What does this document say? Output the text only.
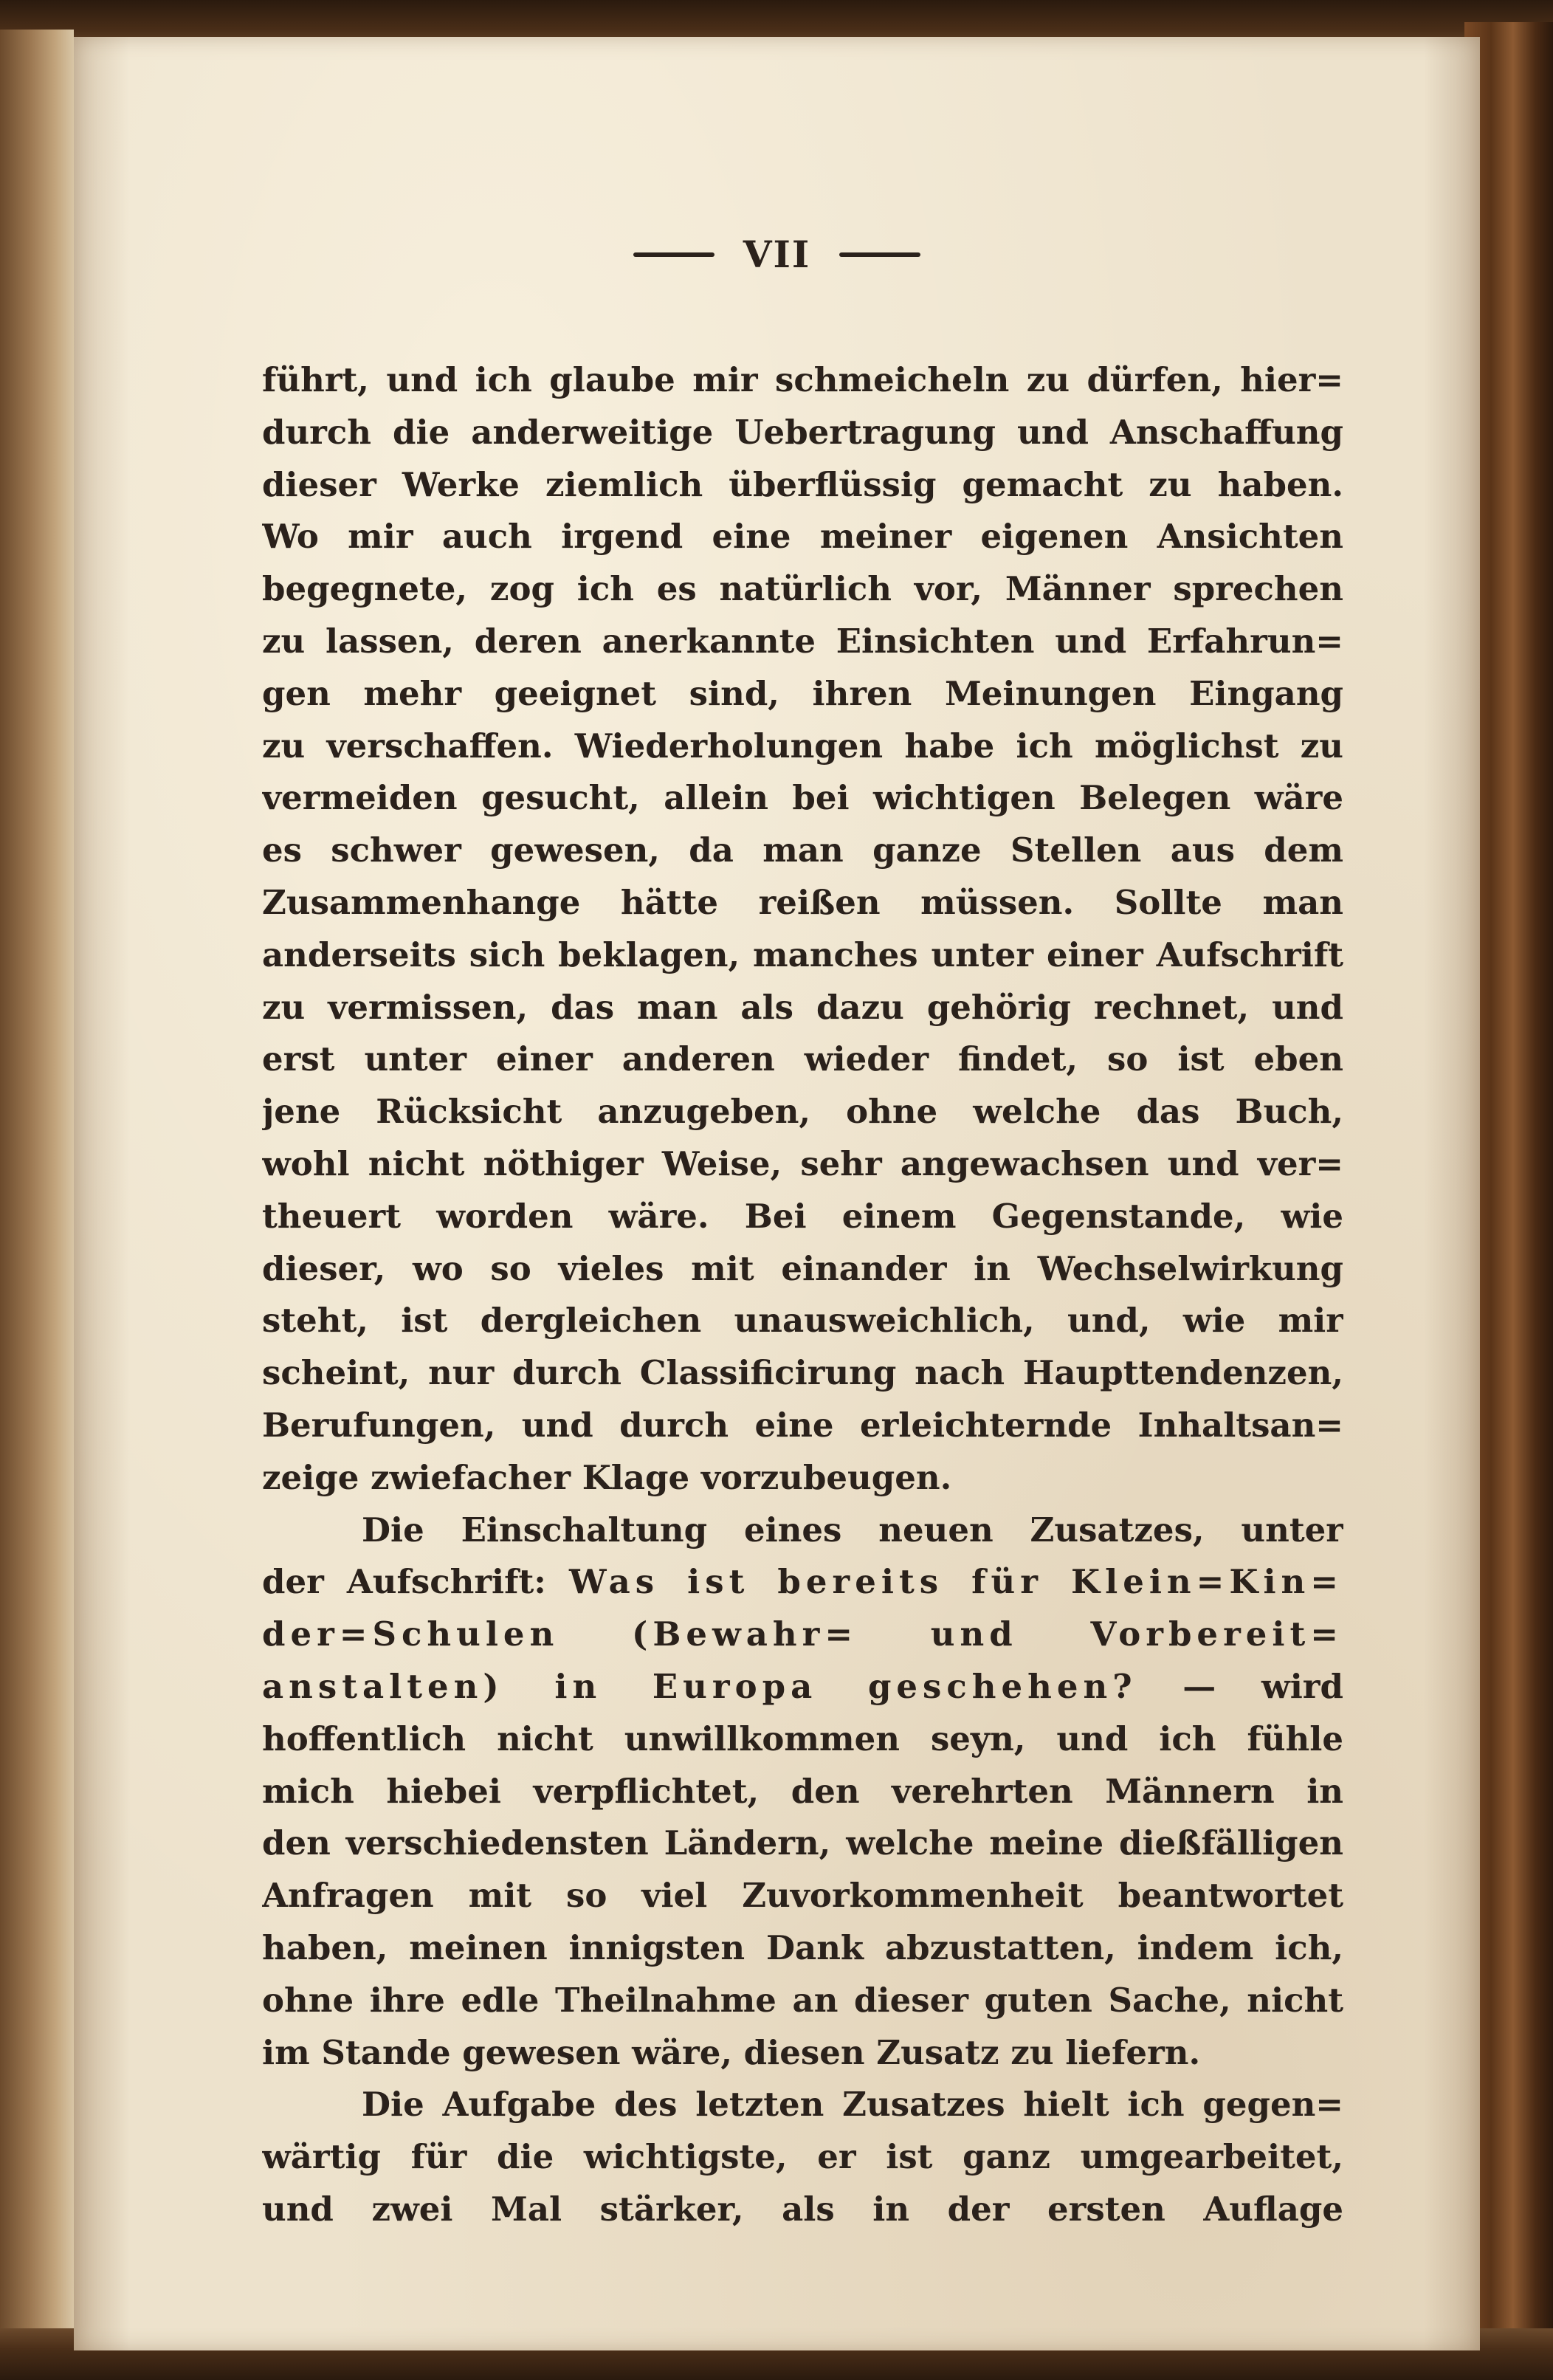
VII
führt, und ich glaube mir schmeicheln zu dürfen, hier=
durch die anderweitige Uebertragung und Anschaffung
dieser Werke ziemlich überflüssig gemacht zu haben.
Wo mir auch irgend eine meiner eigenen Ansichten
begegnete, zog ich es natürlich vor, Männer sprechen
zu lassen, deren anerkannte Einsichten und Erfahrun=
gen mehr geeignet sind, ihren Meinungen Eingang
zu verschaffen. Wiederholungen habe ich möglichst zu
vermeiden gesucht, allein bei wichtigen Belegen wäre
es schwer gewesen, da man ganze Stellen aus dem
Zusammenhange hätte reißen müssen. Sollte man
anderseits sich beklagen, manches unter einer Aufschrift
zu vermissen, das man als dazu gehörig rechnet, und
erst unter einer anderen wieder findet, so ist eben
jene Rücksicht anzugeben, ohne welche das Buch,
wohl nicht nöthiger Weise, sehr angewachsen und ver=
theuert worden wäre. Bei einem Gegenstande, wie
dieser, wo so vieles mit einander in Wechselwirkung
steht, ist dergleichen unausweichlich, und, wie mir
scheint, nur durch Classificirung nach Haupttendenzen,
Berufungen, und durch eine erleichternde Inhaltsan=
zeige zwiefacher Klage vorzubeugen.
Die Einschaltung eines neuen Zusatzes, unter
der Aufschrift: Was ist bereits für Klein=Kin=
der=Schulen (Bewahr= und Vorbereit=
anstalten) in Europa geschehen? — wird
hoffentlich nicht unwillkommen seyn, und ich fühle
mich hiebei verpflichtet, den verehrten Männern in
den verschiedensten Ländern, welche meine dießfälligen
Anfragen mit so viel Zuvorkommenheit beantwortet
haben, meinen innigsten Dank abzustatten, indem ich,
ohne ihre edle Theilnahme an dieser guten Sache, nicht
im Stande gewesen wäre, diesen Zusatz zu liefern.
Die Aufgabe des letzten Zusatzes hielt ich gegen=
wärtig für die wichtigste, er ist ganz umgearbeitet,
und zwei Mal stärker, als in der ersten Auflage
